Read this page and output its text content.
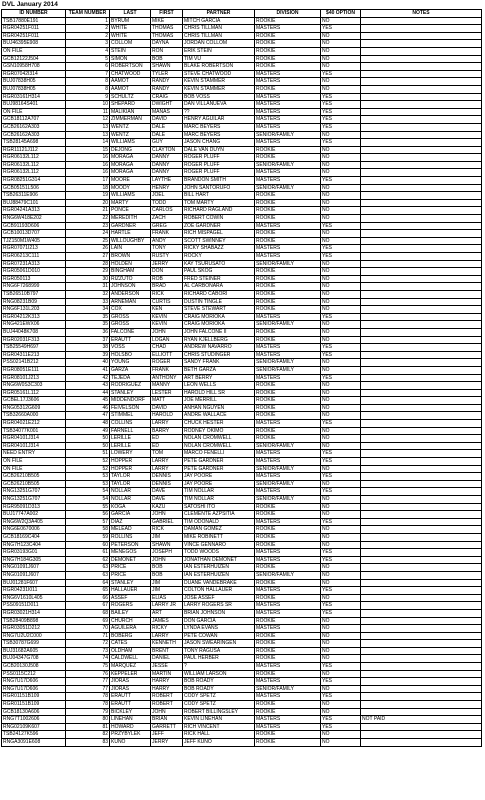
DVL January 2014
ID NUMBER	TEAM NUMBER	LAST	FIRST	PARTNER	DIVISION	$40 OPTION	NOTES
TSB17880E191	1	BYRUM	MIKE	MITCH GARCIA	ROOKIE	NO	
RGR04251F011	2	WHITE	THOMAS	CHRIS TILLMAN	MASTERS	YES	
RGR04251F011	2	WHITE	THOMAS	CHRIS TILLMAN	ROOKIE	NO	
BUJ46395E908	3	COLLOM	DAYNA	JORDAN COLLOM	ROOKIE	NO	
ON FILE	4	STEIN	RON	ERIK STEIN	ROOKIE	NO	
GCB12122J504	5	SIMON	BOB	TIM VU	ROOKIE	NO	
GSN10958H708	6	ROBERTSON	SHAWN	BLAKE ROBERTSON	ROOKIE	NO	
RGR07042I314	7	CHATWOOD	TYLER	STEVE CHATWOOD	MASTERS	YES	
BUJ07838H05	8	AAMOT	RANDY	KEVIN STAMMER	MASTERS	NO	
BUJ07838H05	8	AAMOT	RANDY	KEVIN STAMMER	ROOKIE	NO	
RGR03161H314	9	SCHULTZ	CRAIG	BOB VOSS	MASTERS	YES	
BUJ98164S401	10	SHEPARD	DWIGHT	DAN VILLANUEVA	MASTERS	YES	
ON FILE	11	MALIKIAN	MANAS	??	MASTERS	YES	
GCB18112A707	12	ZIMMERMAN	DAVID	HENRY AGUILAR	MASTERS	YES	
GCB26162A303	13	WENTZ	DALE	MARC BEYERS	MASTERS	YES	
GCB26162A303	13	WENTZ	DALE	MARC BEYERS	SENIOR/FAMILY	NO	
TSB28145A698	14	WILLIAMS	GUY	JASON CHANG	MASTERS	YES	
RGR11121J112	15	DEJONG	CLAYTON	DALE VAN DUYN	ROOKIE	NO	
RGR06132L112	16	MORAGA	DANNY	ROGER PLUFF	ROOKIE	NO	
RGR06132L112	16	MORAGA	DANNY	ROGER PLUFF	SENIOR/FAMILY	NO	
RGR06132L112	16	MORAGA	DANNY	ROGER PLUFF	MASTERS	NO	
RGR08251G314	17	MOORE	LAYTHE	BRANDON SMITH	MASTERS	YES	
GCB05151L506	18	MOODY	HENRY	JOHN SANTORUFO	SENIOR/FAMILY	NO	
TSB26311E906	19	WILLIAMS	JOEL	BILL HART	ROOKIE	NO	
BUJ88479C101	20	MARTY	TODD	TOM MARTY	ROOKIE	NO	
RGR04241A313	21	PONCE	CARLOS	RICHARD RAGLAND	ROOKIE	NO	
RNG6W418E202	22	MEREDITH	ZACH	ROBERT COWIN	ROOKIE	NO	
GCB91193D606	23	GARDNER	GREG	ZOE GARDNER	MASTERS	YES	
GCB10013D707	24	HARTLE	FRANK	RICH MISPAGEL	ROOKIE	NO	
TJZ150M1W405	25	WILLOUGHBY	ANDY	SCOTT SWINNEY	ROOKIE	NO	
RGR07071I213	26	LAIN	TONY	RICKY SHABAZZ	MASTERS	YES	
RGR06213C111	27	BROWN	RUSTY	ROCKY	MASTERS	YES	
RGR07231A313	28	HOLDEN	JERRY	KAY TSURUSATO	SENIOR/FAMILY	NO	
RGR05061D010	29	BINGHAM	DON	PAUL SKOG	ROOKIE	NO	
RGR050113	30	RIZZUTO	ROB	FRED STEINER	ROOKIE	NO	
RNG6F7268999	31	JOHNSON	BRAD	AL CARBONARA	ROOKIE	NO	
TSB26510B797	32	ANDERSON	RICK	RICHARD CABORI	ROOKIE	NO	
RNG08231B09	33	ARNEMAN	CURTIS	DUSTIN TINGLE	ROOKIE	NO	
RNG6F131L203	34	COX	KEN	STEVE STEWART	ROOKIE	NO	
RGR04212K313	35	GROSS	KEVIN	CRAIG MORIOKA	MASTERS	YES	
RNG421EWX06	35	GROSS	KEVIN	CRAIG MORIOKA	SENIOR/FAMILY	NO	
BUJ44048K708	36	FALCONE	JOHN	JOHN FALCONE II	ROOKIE	NO	
RGR02031F313	37	ERAUTT	LOGAN	RYAN KJELLBERG	ROOKIE	NO	
TSB25549H697	38	VOSS	CHAD	ANDREW NAVARRO	MASTERS	YES	
RGR04311E213	39	HOLSBO	ELLIOTT	CHRIS STUDINGER	MASTERS	YES	
PSS02141B212	40	YOUNG	ROGER	SANDY FRANK	SENIOR/FAMILY	NO	
RGR08051E111	41	GARZA	FRANK	BETH GARZA	SENIOR/FAMILY	NO	
RGR08101J213	42	TEJEDA	ANTHONY	ART BERRY	MASTERS	YES	
RNG6W0S3C303	43	RODRIGUEZ	MANNY	LEON WELLS	ROOKIE	NO	
RGR05161L112	44	STANLEY	LESTER	HAROLD HILL SR	ROOKIE	NO	
GCBEL17J3606	45	MIDDENDORF	MATT	JOE MERRILL	ROOKIE	NO	
RNG05312G609	46	FEIVELSON	DAVID	ANHAN NGUYEN	ROOKIE	NO	
TSB32660A000	47	STIMMEL	HAROLD	ANDRE WALLACE	ROOKIE	NO	
RGR04021E212	48	COLLINS	LARRY	CHUCK HESTER	MASTERS	YES	
TSB34077K001	49	FARNELL	BARRY	RODNEY OKIMO	ROOKIE	NO	
RGR04101J314	50	LERILLE	ED	NOLAN CROMWELL	ROOKIE	NO	
RGR04101J314	50	LERILLE	ED	NOLAN CROMWELL	SENIOR/FAMILY	NO	
NEED ENTRY	51	LOWERY	TOM	MARCO FENELLI	MASTERS	YES	
ON FILE	52	HOPPER	LARRY	PETE GARDNER	MASTERS	YES	
ON FILE	52	HOPPER	LARRY	PETE GARDNER	SENIOR/FAMILY	NO	
GCB26210B505	53	TAYLOR	DENNIS	JAY POORE	MASTERS	YES	
GCB26210B505	53	TAYLOR	DENNIS	JAY POORE	SENIOR/FAMILY	NO	
RNG13251G707	54	NOLLAR	DAVE	TIM NOLLAR	MASTERS	YES	
RNG13251G707	54	NOLLAR	DAVE	TIM NOLLAR	SENIOR/FAMILY	NO	
RGR95091D313	55	KOGA	KAZU	SATOSHI ITO	ROOKIE	NO	
BUJ17747A002	56	GARCIA	JOHN	CLEMENTE AZPSITIA	ROOKIE	NO	
RNG6W2Q3A405	57	DIAZ	GABRIEL	TIM ODONALD	MASTERS	YES	
RNG6E0670006	58	MELEAD	RICK	DAMAN GOMEZ	ROOKIE	NO	
GCB18169C404	59	ROLLINS	JIM	MIKE ROBINETT	ROOKIE	NO	
RNG7H123C404	60	PETERSON	SHAWN	VINCE GENNARO	ROOKIE	NO	
RGR03193G01	61	MENEGOS	JOSEPH	TODD WOODS	MASTERS	YES	
RNG7H184G305	62	DEMONET	JOHN	JONATHAN DEMONET	MASTERS	YES	
RNG01091J607	63	PRICE	BOB	IAN ESTERHUIZEN	ROOKIE	NO	
RNG01091J607	63	PRICE	BOB	IAN ESTERHUIZEN	SENIOR/FAMILY	NO	
BUJ01281F607	64	STANLEY	JIM	DUANE VANDEBRAKE	ROOKIE	NO	
RGR04231I011	65	HALLAUER	JIM	COLTON HALLAUER	MASTERS	YES	
RNG6V1610L405	66	ASSEF	ELIAS	JOSE ASSEF	ROOKIE	NO	
PSS09151D011	67	ROGERS	LARRY JR	LARRY ROGERS SR	MASTERS	YES	
RGR03021H314	68	BAILEY	ART	BRIAN JOHNSON	MASTERS	YES	
TSB28409B898	69	CHURCH	JAMES	DON GARCIA	ROOKIE	NO	
RGR03051D212	70	AGUILERA	RICKY	LYNDA EVANS	MASTERS	NO	
RNG7U2U2C000	71	BOBERG	LARRY	PETE COWAN	ROOKIE	NO	
TSB30787G699	72	CATES	KENNETH	JASON SWEARINGEN	ROOKIE	NO	
BUJ31682A605	73	OLDHAM	BRENT	TONY RAGUSA	ROOKIE	NO	
BUJ04347G708	74	CALDWELL	DANIEL	PAUL HERBER	ROOKIE	NO	
GCB20130J508	75	MARQUEZ	JESSE	?	MASTERS	YES	
PSS0115C212	76	KEPPELER	MARTIN	WILLIAM LARSON	ROOKIE	NO	
RNG7U17D606	77	JIORAS	HARRY	BOB ROADY	MASTERS	YES	
RNG7U17D606	77	JIORAS	HARRY	BOB ROADY	SENIOR/FAMILY	NO	
RGR01151B109	78	ERAUTT	ROBERT	CODY SPETZ	MASTERS	YES	
RGR01151B109	78	ERAUTT	ROBERT	CODY SPETZ	ROOKIE	NO	
GCB18130A606	79	BICKLEY	JOHN	ROBERT BILLINGSLEY	ROOKIE	NO	
RNG7T1002606	80	LINEHAN	BRIAN	KEVIN LINEHAN	MASTERS	YES	NOT PAID
RNG02109K607	81	HOWARD	GARRETT	RICH VINCENT	MASTERS	YES	
TSB24127K596	82	PRZYBYLEK	JEFF	RICK HALL	ROOKIE	NO	
RNGA3091E608	83	KUNO	JERRY	JEFF KUNO	ROOKIE	NO	
